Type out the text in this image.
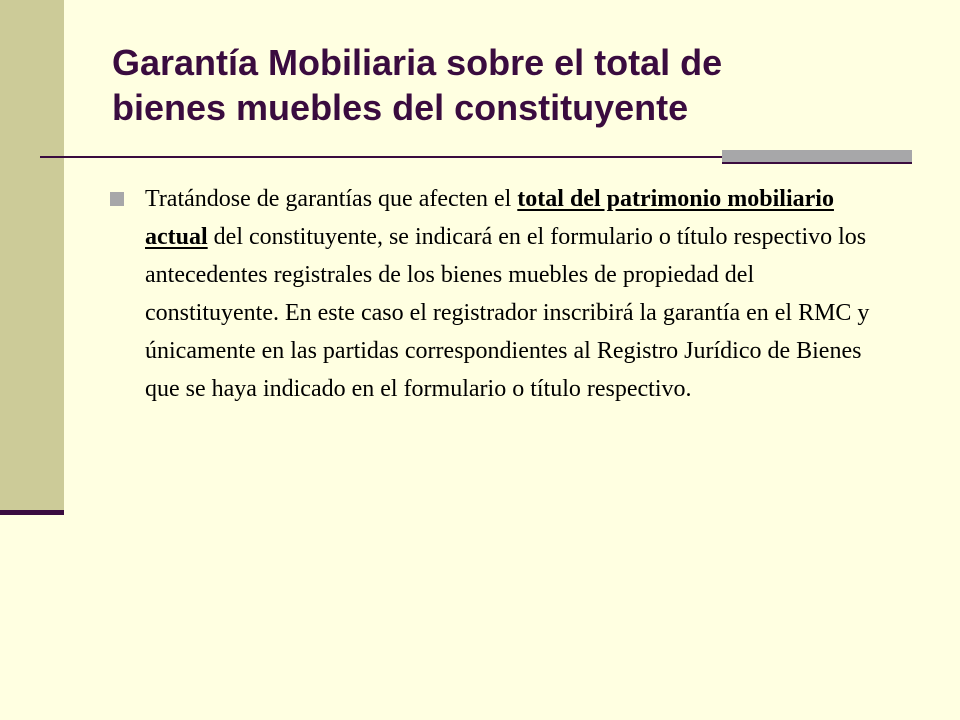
Garantía Mobiliaria sobre el total de
bienes muebles del constituyente

Tratándose de garantías que afecten el total del patrimonio mobiliario actual del constituyente, se indicará en el formulario o título respectivo los antecedentes registrales de los bienes muebles de propiedad del constituyente. En este caso el registrador inscribirá la garantía en el RMC y únicamente en las partidas correspondientes al Registro Jurídico de Bienes que se haya indicado en el formulario o título respectivo.
